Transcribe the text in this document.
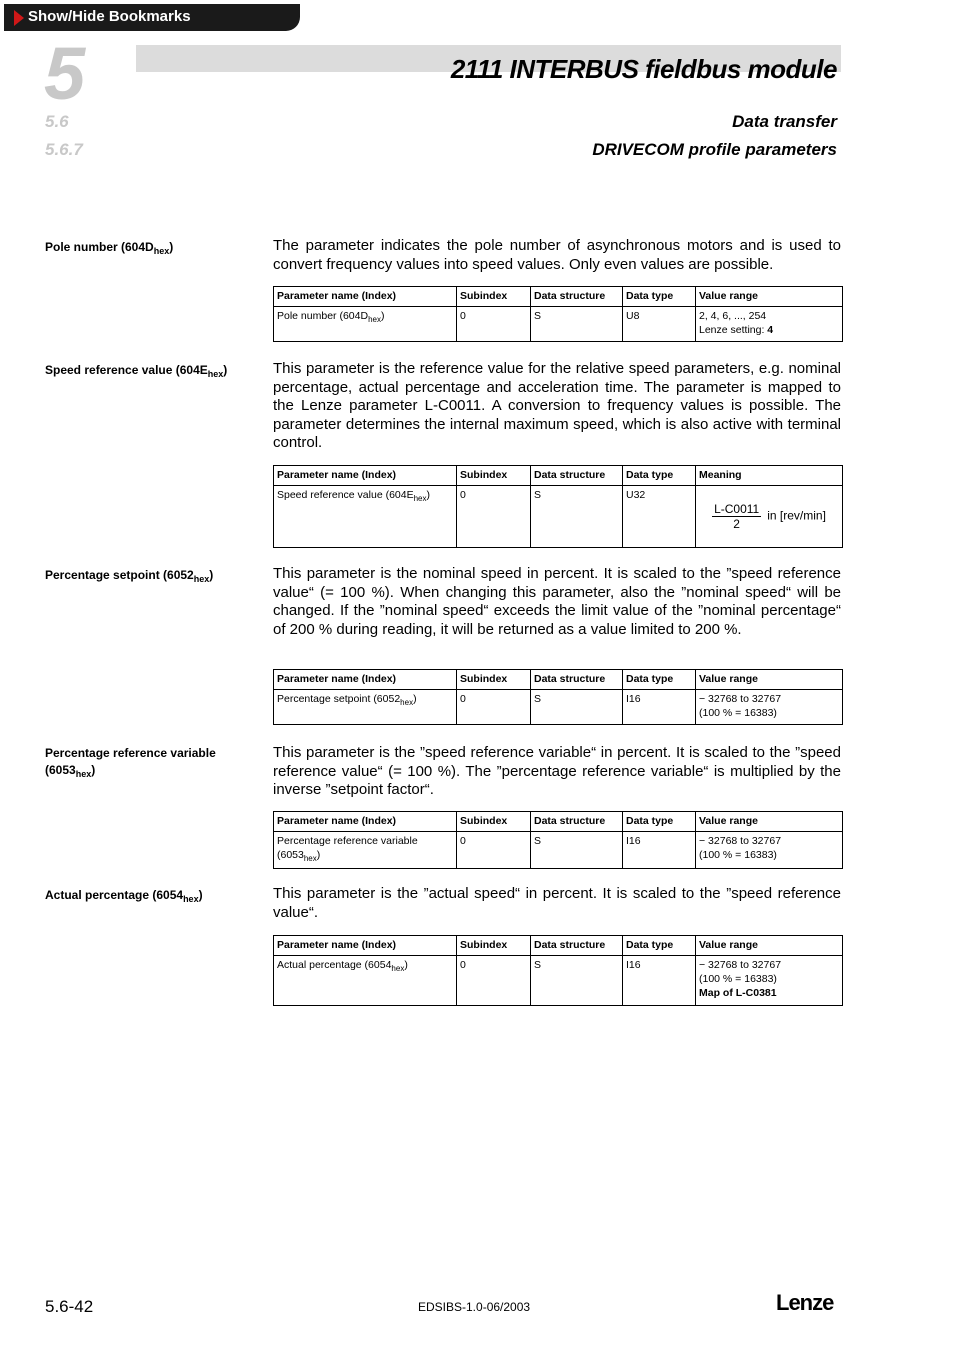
Show/Hide Bookmarks
5	2111 INTERBUS fieldbus module
5.6
5.6.7
Data transfer
DRIVECOM profile parameters
Pole number $(604D_{hex})$	The parameter indicates the pole number of asynchronous motors and is used to convert frequency values into speed values. Only even values are possible.
Parameter name (Index)	Subindex	Data structure	Data type	Value range
Pole number $(604D_{hex})$	0	S	U8	2, 4, 6, ..., 254
Lenze setting: 4
Speed reference value $(604E_{hex})$	This parameter is the reference value for the relative speed parameters, e.g. nominal percentage, actual percentage and acceleration time. The parameter is mapped to the Lenze parameter L-C0011. A conversion to frequency values is possible. The parameter determines the internal maximum speed, which is also active with terminal control.
Parameter name (Index)	Subindex	Data structure	Data type	Meaning
Speed reference value $(604E_{hex})$	0	S	U32	$\frac{L-C0011}{2}$ in [rev/min]
Percentage setpoint $(6052_{hex})$	This parameter is the nominal speed in percent. It is scaled to the ”speed reference value“ (= 100 %). When changing this parameter, also the ”nominal speed“ will be changed. If the ”nominal speed“ exceeds the limit value of the ”nominal percentage“ of 200 % during reading, it will be returned as a value limited to 200 %.
Parameter name (Index)	Subindex	Data structure	Data type	Value range
Percentage setpoint $(6052_{hex})$	0	S	I16	− 32768 to 32767
(100 % = 16383)
Percentage reference variable $(6053_{hex})$
This parameter is the ”speed reference variable“ in percent. It is scaled to the ”speed reference value“ (= 100 %). The ”percentage reference variable“ is multiplied by the inverse ”setpoint factor“.
Parameter name (Index)	Subindex	Data structure	Data type	Value range
Percentage reference variable $(6053_{hex})$	0	S	I16	− 32768 to 32767
(100 % = 16383)
Actual percentage $(6054_{hex})$	This parameter is the ”actual speed“ in percent. It is scaled to the ”speed reference value“.
Parameter name (Index)	Subindex	Data structure	Data type	Value range
Actual percentage $(6054_{hex})$	0	S	I16	− 32768 to 32767
(100 % = 16383)
Map of L-C0381
5.6-42	EDSIBS-1.0-06/2003	Lenze
